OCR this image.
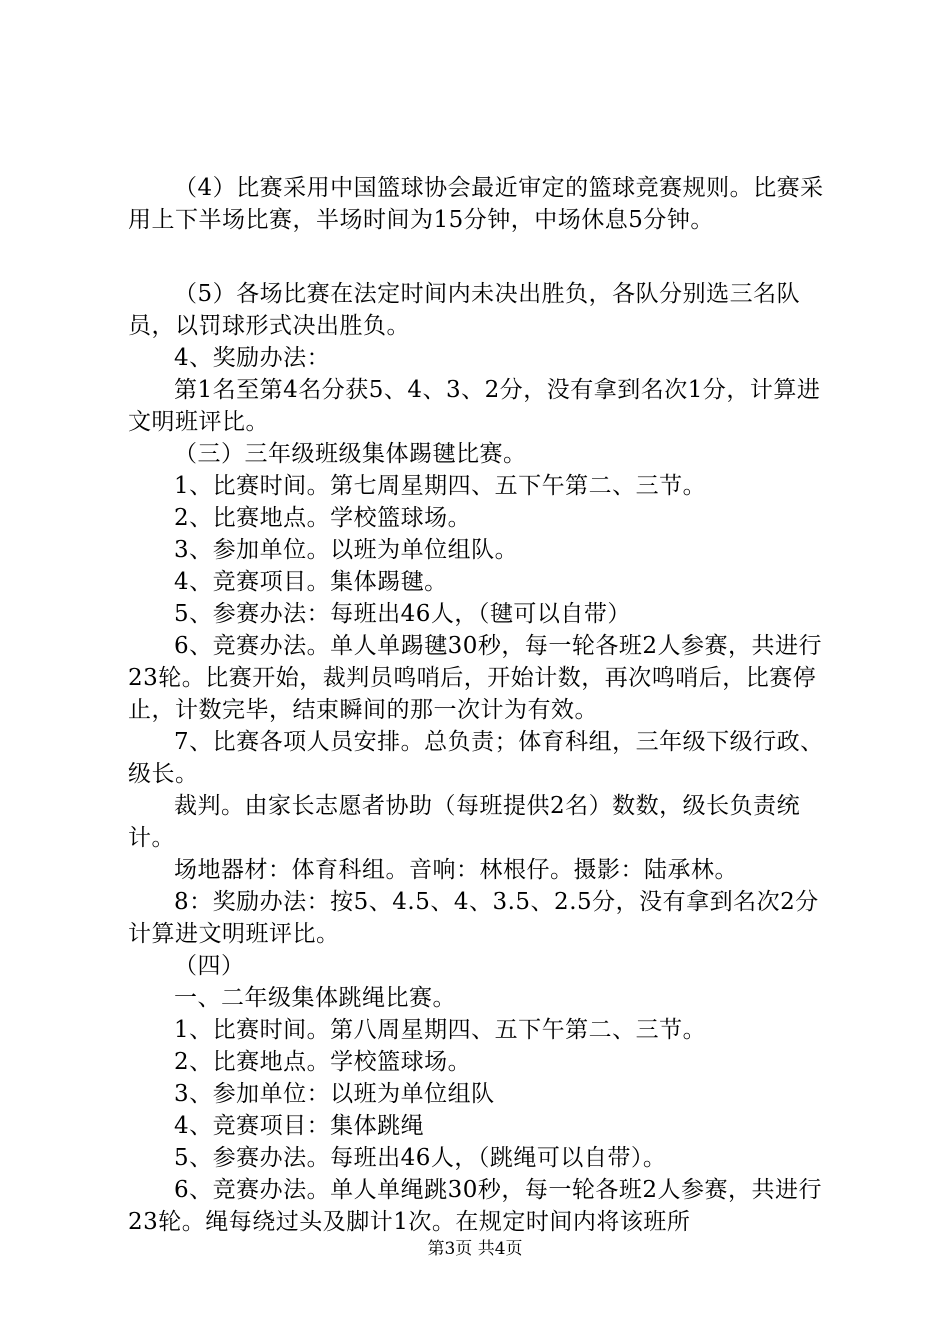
（4）比赛采用中国篮球协会最近审定的篮球竞赛规则。比赛采用上下半场比赛，半场时间为15分钟，中场休息5分钟。

（5）各场比赛在法定时间内未决出胜负，各队分别选三名队员，以罚球形式决出胜负。

4、奖励办法：

第1名至第4名分获5、4、3、2分，没有拿到名次1分，计算进文明班评比。

（三）三年级班级集体踢毽比赛。

1、比赛时间。第七周星期四、五下午第二、三节。

2、比赛地点。学校篮球场。

3、参加单位。以班为单位组队。

4、竞赛项目。集体踢毽。

5、参赛办法：每班出46人，（毽可以自带）

6、竞赛办法。单人单踢毽30秒，每一轮各班2人参赛，共进行23轮。比赛开始，裁判员鸣哨后，开始计数，再次鸣哨后，比赛停止，计数完毕，结束瞬间的那一次计为有效。

7、比赛各项人员安排。总负责；体育科组，三年级下级行政、级长。

裁判。由家长志愿者协助（每班提供2名）数数，级长负责统计。

场地器材：体育科组。音响：林根仔。摄影：陆承林。

8：奖励办法：按5、4.5、4、3.5、2.5分，没有拿到名次2分计算进文明班评比。

（四）

一、二年级集体跳绳比赛。

1、比赛时间。第八周星期四、五下午第二、三节。

2、比赛地点。学校篮球场。

3、参加单位：以班为单位组队

4、竞赛项目：集体跳绳

5、参赛办法。每班出46人，（跳绳可以自带）。

6、竞赛办法。单人单绳跳30秒，每一轮各班2人参赛，共进行23轮。绳每绕过头及脚计1次。在规定时间内将该班所

第3页 共4页
